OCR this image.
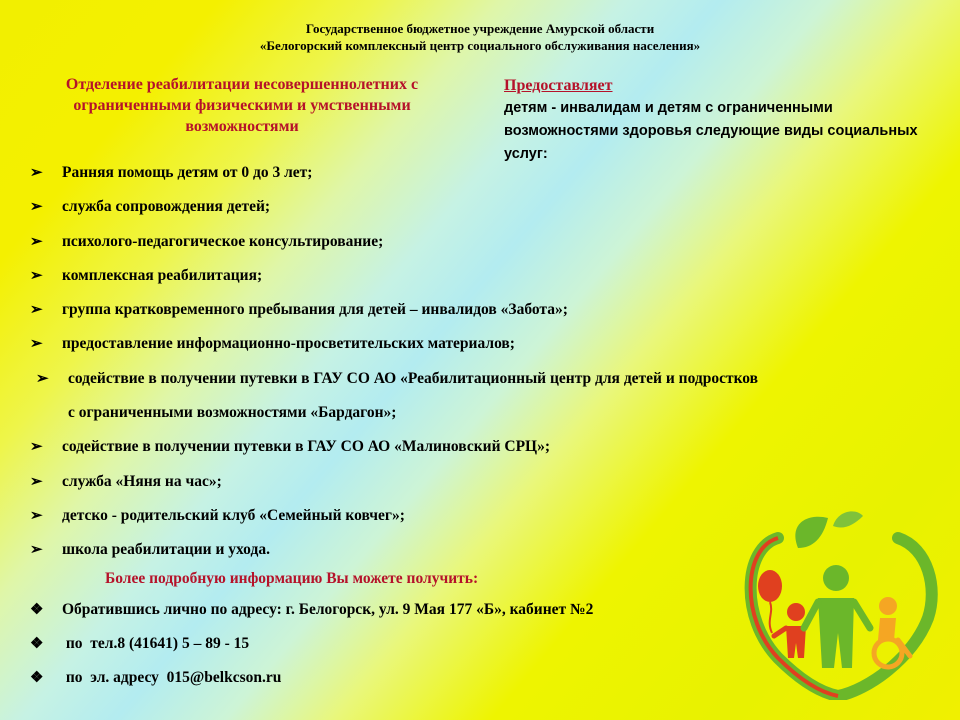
Государственное бюджетное учреждение Амурской области
«Белогорский комплексный центр социального обслуживания населения»
Отделение реабилитации несовершеннолетних с ограниченными физическими и умственными возможностями
Предоставляет
детям - инвалидам и детям с ограниченными возможностями здоровья следующие виды социальных услуг:
➢	Ранняя помощь детям от 0 до 3 лет;
➢	служба сопровождения детей;
➢	психолого-педагогическое консультирование;
➢	комплексная реабилитация;
➢	группа кратковременного пребывания для детей – инвалидов «Забота»;
➢	предоставление информационно-просветительских материалов;
➢	содействие в получении путевки в ГАУ СО АО «Реабилитационный центр для детей и подростков
с ограниченными возможностями «Бардагон»;
➢	содействие в получении путевки в ГАУ СО АО «Малиновский СРЦ»;
➢	служба «Няня на час»;
➢	детско - родительский клуб «Семейный ковчег»;
➢	школа реабилитации и ухода.
Более подробную информацию Вы можете получить:
❖	Обратившись лично по адресу: г. Белогорск, ул. 9 Мая 177 «Б», кабинет №2
❖	по  тел.8 (41641) 5 – 89 - 15
❖	по  эл. адресу  015@belkcson.ru
